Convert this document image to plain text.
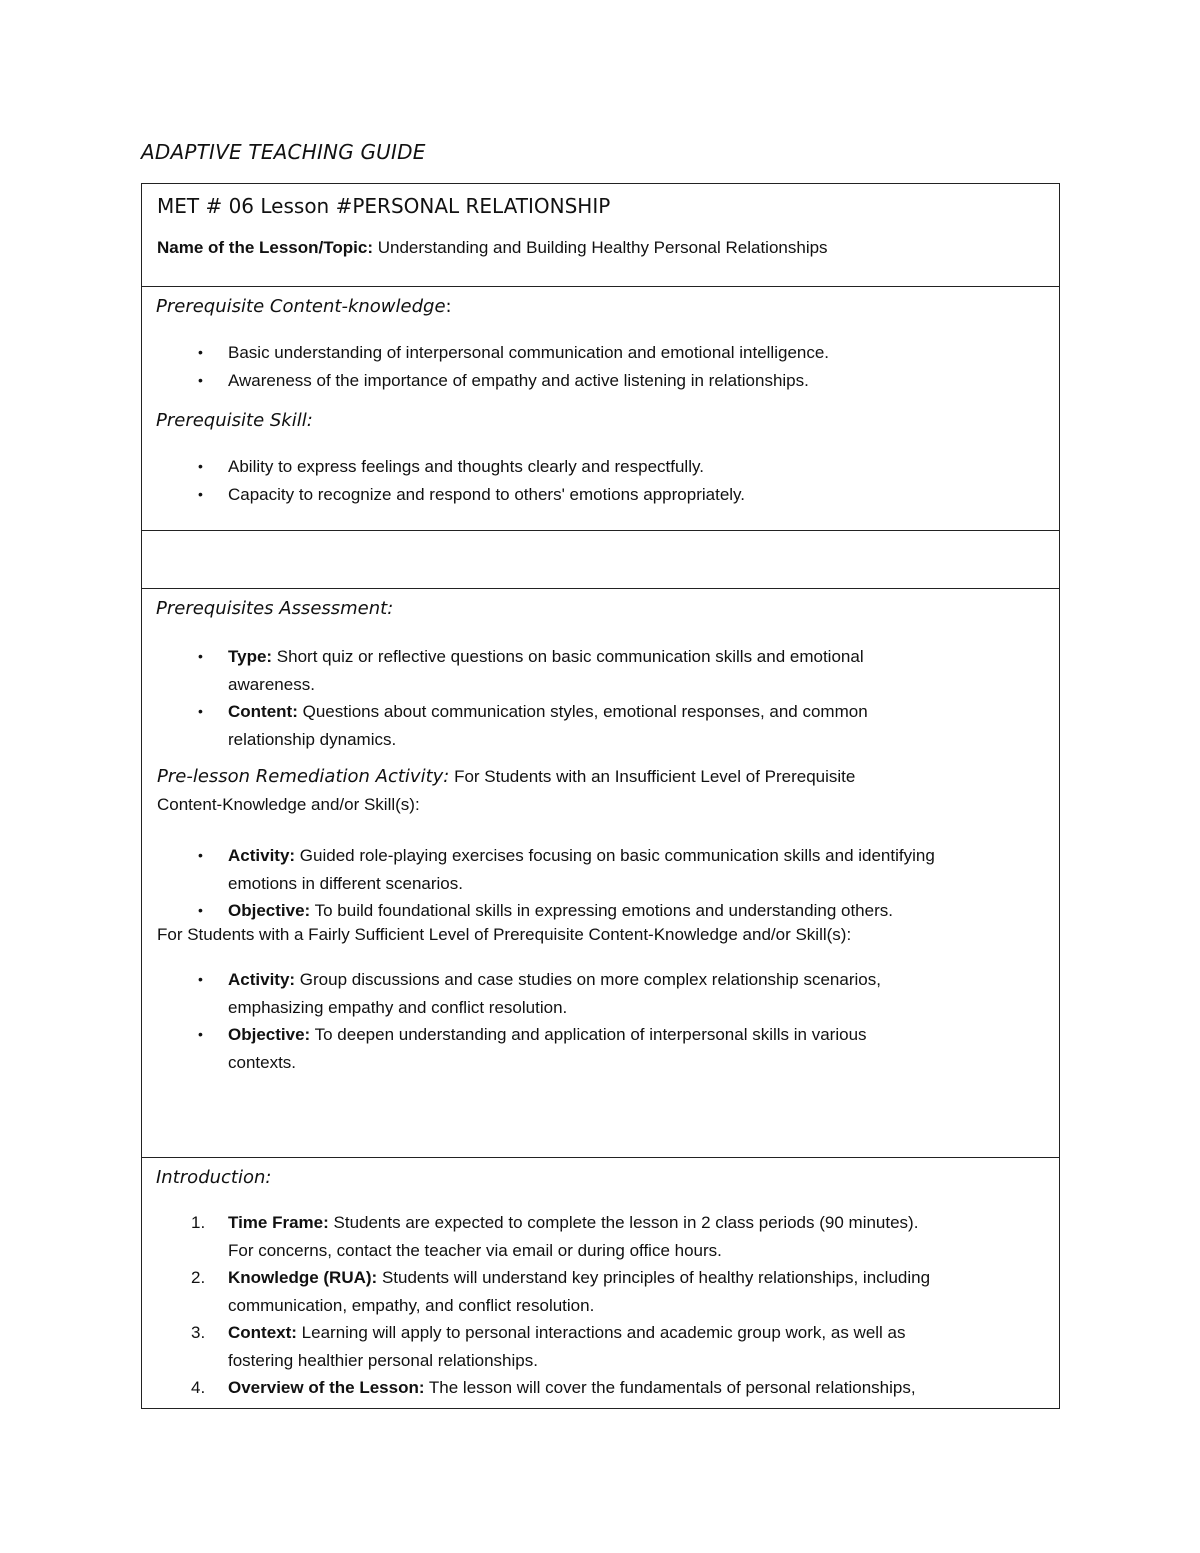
ADAPTIVE TEACHING GUIDE
MET # 06 Lesson #PERSONAL RELATIONSHIP
Name of the Lesson/Topic: Understanding and Building Healthy Personal Relationships
Prerequisite Content-knowledge:
• Basic understanding of interpersonal communication and emotional intelligence.
• Awareness of the importance of empathy and active listening in relationships.
Prerequisite Skill:
• Ability to express feelings and thoughts clearly and respectfully.
• Capacity to recognize and respond to others' emotions appropriately.
Prerequisites Assessment:
• Type: Short quiz or reflective questions on basic communication skills and emotional
awareness.
• Content: Questions about communication styles, emotional responses, and common
relationship dynamics.
Pre-lesson Remediation Activity: For Students with an Insufficient Level of Prerequisite
Content-Knowledge and/or Skill(s):
• Activity: Guided role-playing exercises focusing on basic communication skills and identifying
emotions in different scenarios.
• Objective: To build foundational skills in expressing emotions and understanding others.
For Students with a Fairly Sufficient Level of Prerequisite Content-Knowledge and/or Skill(s):
• Activity: Group discussions and case studies on more complex relationship scenarios,
emphasizing empathy and conflict resolution.
• Objective: To deepen understanding and application of interpersonal skills in various
contexts.
Introduction:
1. Time Frame: Students are expected to complete the lesson in 2 class periods (90 minutes).
For concerns, contact the teacher via email or during office hours.
2. Knowledge (RUA): Students will understand key principles of healthy relationships, including
communication, empathy, and conflict resolution.
3. Context: Learning will apply to personal interactions and academic group work, as well as
fostering healthier personal relationships.
4. Overview of the Lesson: The lesson will cover the fundamentals of personal relationships,
